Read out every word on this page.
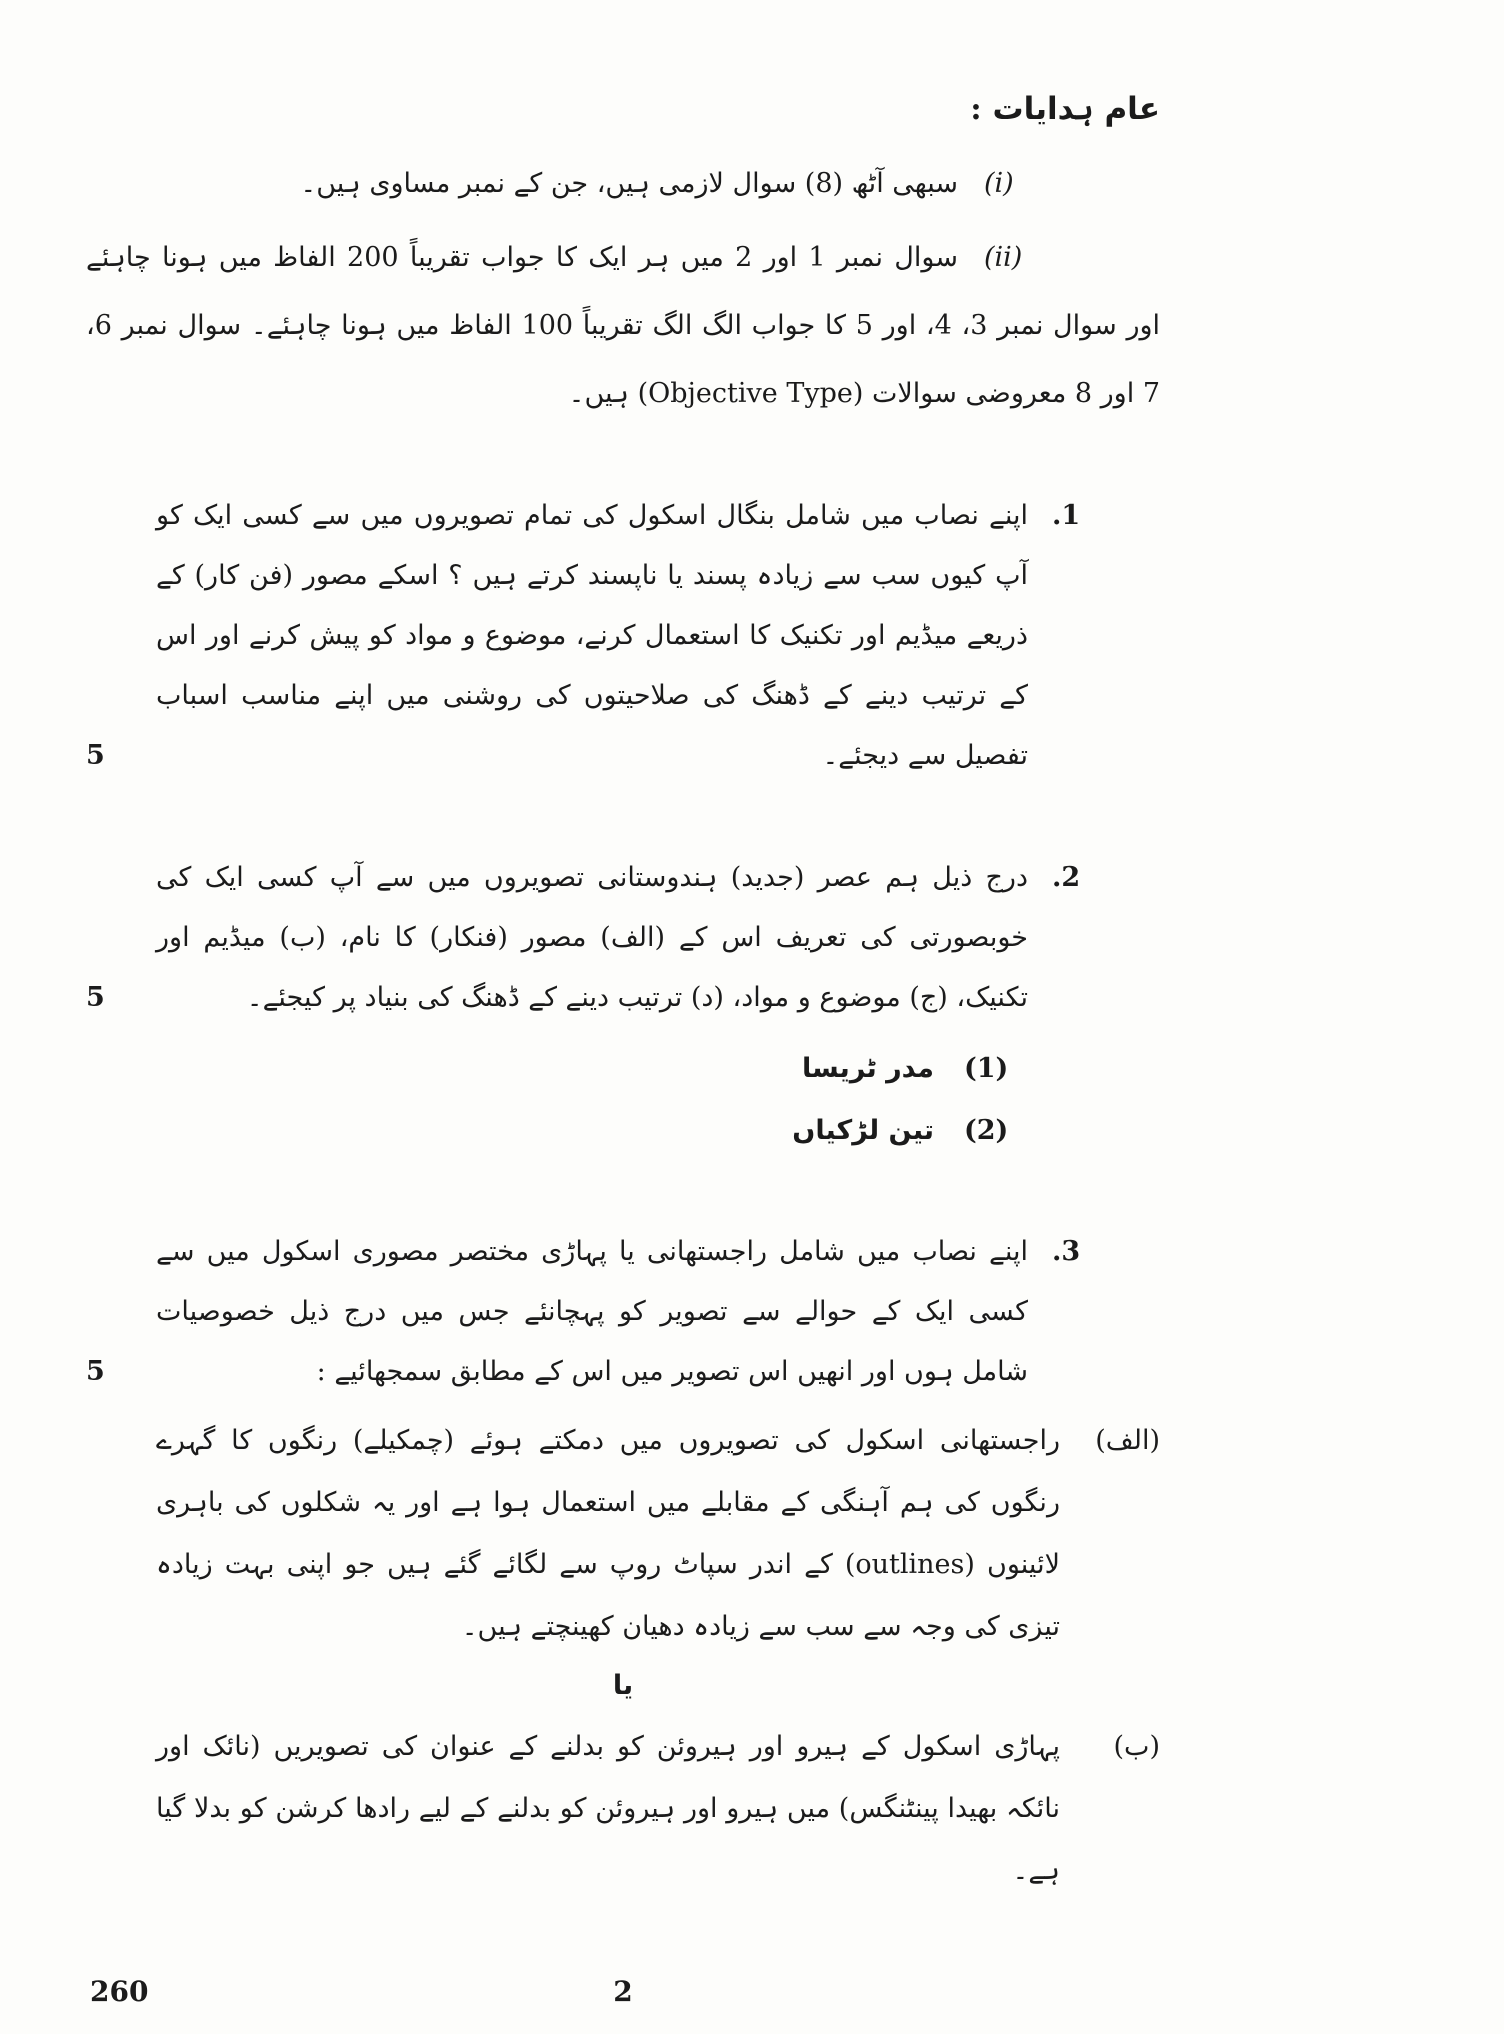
عام ہدایات :
(i)سبھی آٹھ (8) سوال لازمی ہیں، جن کے نمبر مساوی ہیں۔
(ii)سوال نمبر 1 اور 2 میں ہر ایک کا جواب تقریباً 200 الفاظ میں ہونا چاہئے اور سوال نمبر 3، 4، اور 5 کا جواب الگ الگ تقریباً 100 الفاظ میں ہونا چاہئے۔ سوال نمبر 6، 7 اور 8 معروضی سوالات (Objective Type) ہیں۔
1.
اپنے نصاب میں شامل بنگال اسکول کی تمام تصویروں میں سے کسی ایک کو آپ کیوں سب سے زیادہ پسند یا ناپسند کرتے ہیں ؟ اسکے مصور (فن کار) کے ذریعے میڈیم اور تکنیک کا استعمال کرنے، موضوع و مواد کو پیش کرنے اور اس کے ترتیب دینے کے ڈھنگ کی صلاحیتوں کی روشنی میں اپنے مناسب اسباب تفصیل سے دیجئے۔
5
2.
درج ذیل ہم عصر (جدید) ہندوستانی تصویروں میں سے آپ کسی ایک کی خوبصورتی کی تعریف اس کے (الف) مصور (فنکار) کا نام، (ب) میڈیم اور تکنیک، (ج) موضوع و مواد، (د) ترتیب دینے کے ڈھنگ کی بنیاد پر کیجئے۔
5
(1)
مدر ٹریسا
(2)
تین لڑکیاں
3.
اپنے نصاب میں شامل راجستھانی یا پہاڑی مختصر مصوری اسکول میں سے کسی ایک کے حوالے سے تصویر کو پہچانئے جس میں درج ذیل خصوصیات شامل ہوں اور انھیں اس تصویر میں اس کے مطابق سمجھائیے :
5
(الف)
راجستھانی اسکول کی تصویروں میں دمکتے ہوئے (چمکیلے) رنگوں کا گہرے رنگوں کی ہم آہنگی کے مقابلے میں استعمال ہوا ہے اور یہ شکلوں کی باہری لائینوں (outlines) کے اندر سپاٹ روپ سے لگائے گئے ہیں جو اپنی بہت زیادہ تیزی کی وجہ سے سب سے زیادہ دھیان کھینچتے ہیں۔
یا
(ب)
پہاڑی اسکول کے ہیرو اور ہیروئن کو بدلنے کے عنوان کی تصویریں (نائک اور نائکہ بھیدا پینٹنگس) میں ہیرو اور ہیروئن کو بدلنے کے لیے رادھا کرشن کو بدلا گیا ہے۔
260	2
